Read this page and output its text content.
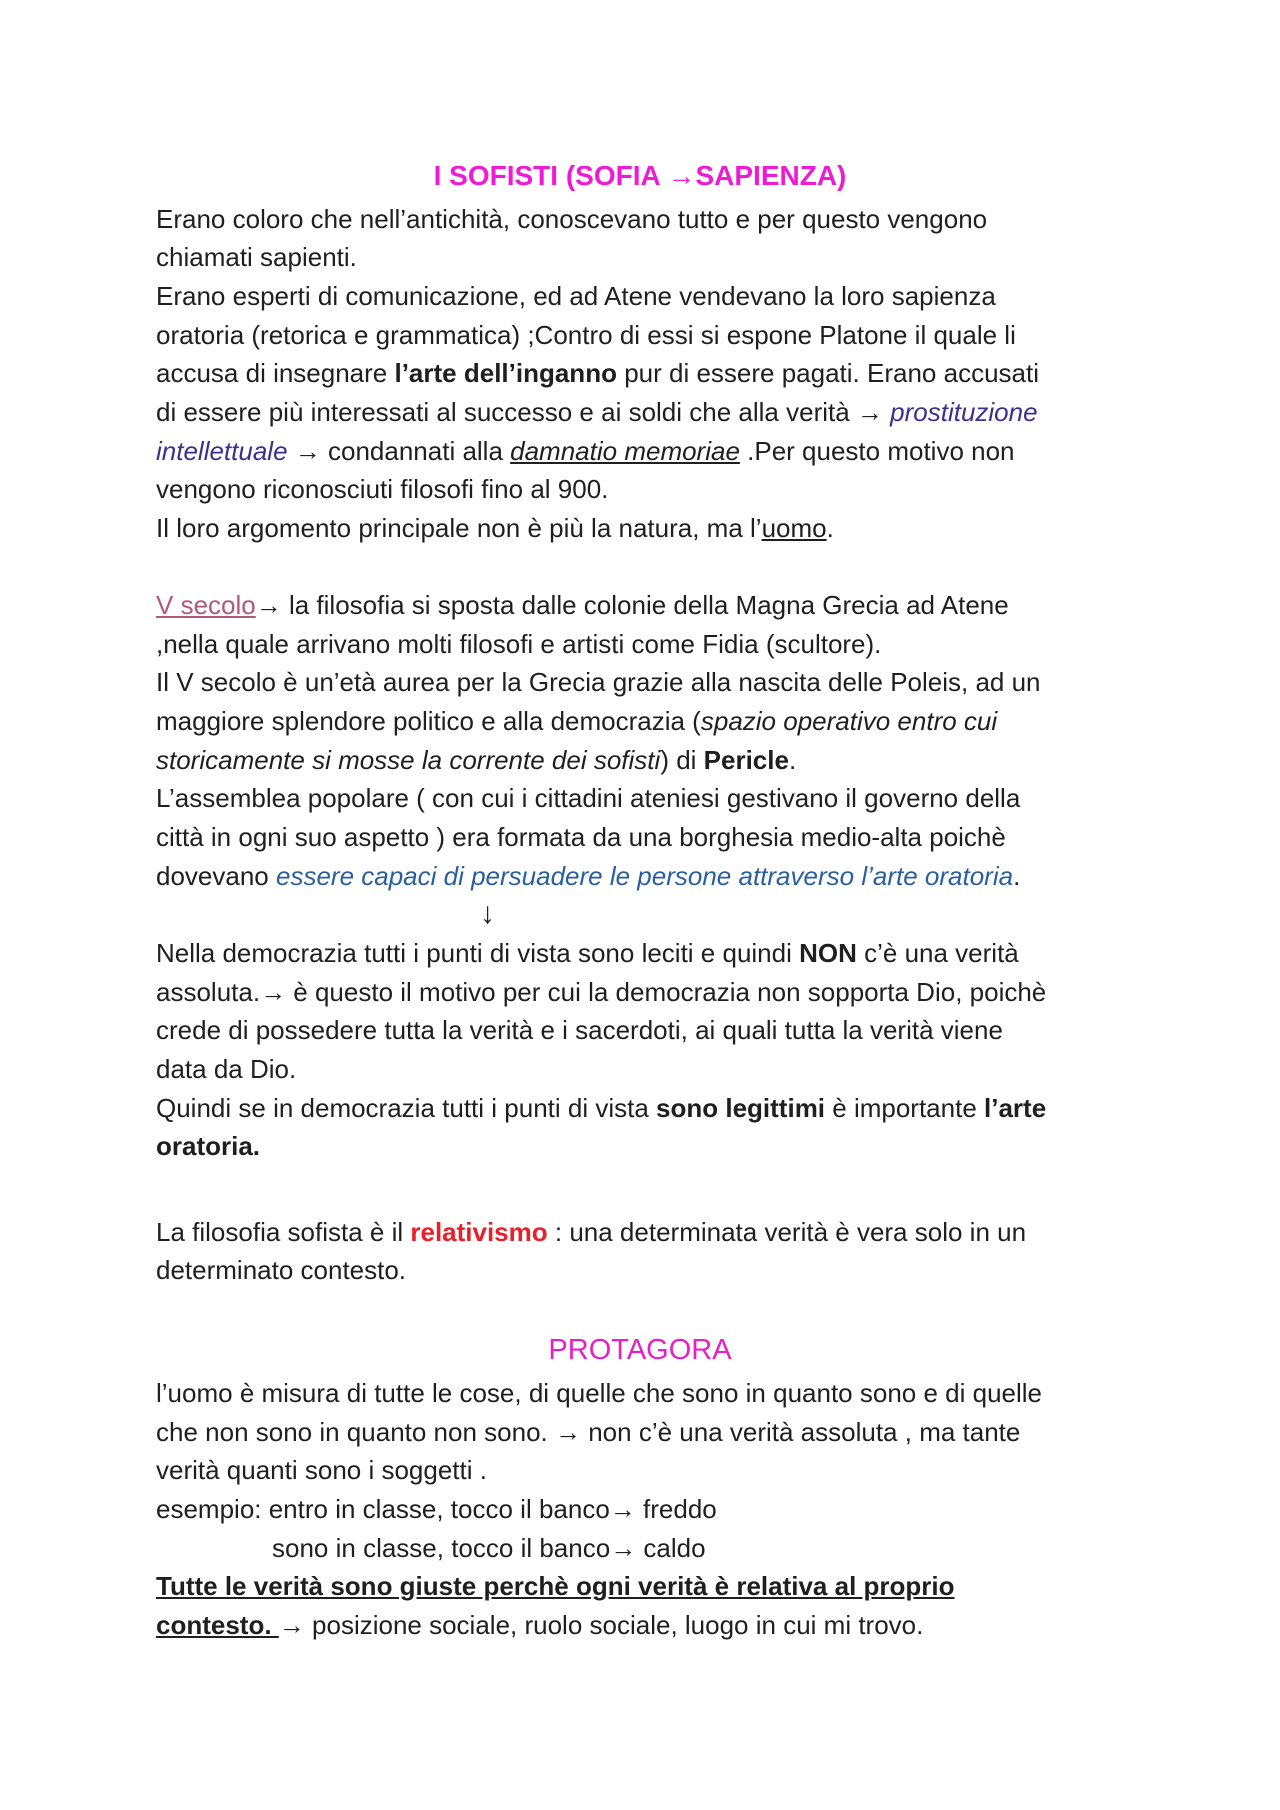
I SOFISTI (SOFIA →SAPIENZA)
Erano coloro che nell’antichità, conoscevano tutto e per questo vengono
chiamati sapienti.
Erano esperti di comunicazione, ed ad Atene vendevano la loro sapienza
oratoria (retorica e grammatica) ;Contro di essi si espone Platone il quale li
accusa di insegnare l’arte dell’inganno pur di essere pagati. Erano accusati
di essere più interessati al successo e ai soldi che alla verità → prostituzione
intellettuale → condannati alla damnatio memoriae .Per questo motivo non
vengono riconosciuti filosofi fino al 900.
Il loro argomento principale non è più la natura, ma l’uomo.
V secolo→ la filosofia si sposta dalle colonie della Magna Grecia ad Atene
,nella quale arrivano molti filosofi e artisti come Fidia (scultore).
Il V secolo è un’età aurea per la Grecia grazie alla nascita delle Poleis, ad un
maggiore splendore politico e alla democrazia (spazio operativo entro cui
storicamente si mosse la corrente dei sofisti) di Pericle.
L’assemblea popolare ( con cui i cittadini ateniesi gestivano il governo della
città in ogni suo aspetto ) era formata da una borghesia medio-alta poichè
dovevano essere capaci di persuadere le persone attraverso l’arte oratoria.
↓
Nella democrazia tutti i punti di vista sono leciti e quindi NON c’è una verità
assoluta.→ è questo il motivo per cui la democrazia non sopporta Dio, poichè
crede di possedere tutta la verità e i sacerdoti, ai quali tutta la verità viene
data da Dio.
Quindi se in democrazia tutti i punti di vista sono legittimi è importante l’arte
oratoria.
La filosofia sofista è il relativismo : una determinata verità è vera solo in un
determinato contesto.
PROTAGORA
l’uomo è misura di tutte le cose, di quelle che sono in quanto sono e di quelle
che non sono in quanto non sono. → non c’è una verità assoluta , ma tante
verità quanti sono i soggetti .
esempio: entro in classe, tocco il banco→ freddo
sono in classe, tocco il banco→ caldo
Tutte le verità sono giuste perchè ogni verità è relativa al proprio
contesto. → posizione sociale, ruolo sociale, luogo in cui mi trovo.
